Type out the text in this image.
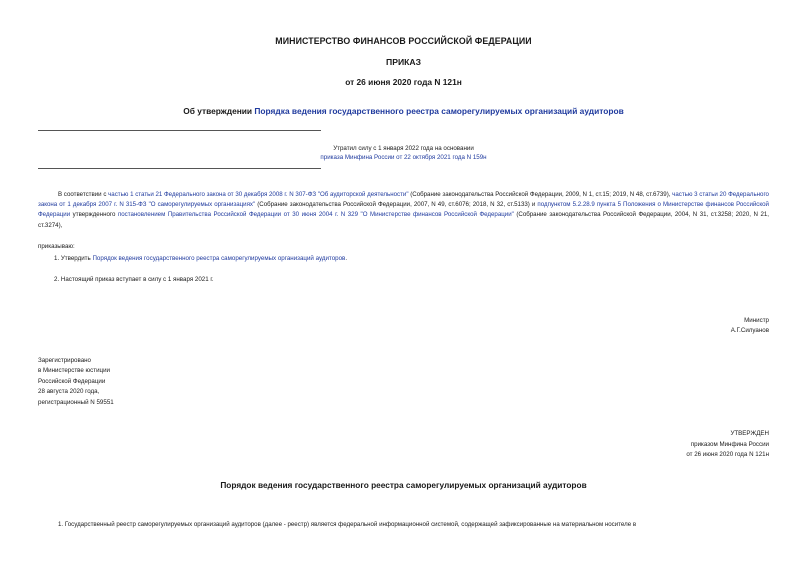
МИНИСТЕРСТВО ФИНАНСОВ РОССИЙСКОЙ ФЕДЕРАЦИИ
ПРИКАЗ
от 26 июня 2020 года N 121н
Об утверждении Порядка ведения государственного реестра саморегулируемых организаций аудиторов
Утратил силу с 1 января 2022 года на основании
приказа Минфина России от 22 октября 2021 года N 159н
В соответствии с частью 1 статьи 21 Федерального закона от 30 декабря 2008 г. N 307-ФЗ "Об аудиторской деятельности" (Собрание законодательства Российской Федерации, 2009, N 1, ст.15; 2019, N 48, ст.6739), частью 3 статьи 20 Федерального закона от 1 декабря 2007 г. N 315-ФЗ "О саморегулируемых организациях" (Собрание законодательства Российской Федерации, 2007, N 49, ст.6076; 2018, N 32, ст.5133) и подпунктом 5.2.28.9 пункта 5 Положения о Министерстве финансов Российской Федерации утвержденного постановлением Правительства Российской Федерации от 30 июня 2004 г. N 329 "О Министерстве финансов Российской Федерации" (Собрание законодательства Российской Федерации, 2004, N 31, ст.3258; 2020, N 21, ст.3274),
приказываю:
1. Утвердить Порядок ведения государственного реестра саморегулируемых организаций аудиторов.
2. Настоящий приказ вступает в силу с 1 января 2021 г.
Министр
А.Г.Силуанов
Зарегистрировано
в Министерстве юстиции
Российской Федерации
28 августа 2020 года,
регистрационный N 59551
УТВЕРЖДЕН
приказом Минфина России
от 26 июня 2020 года N 121н
Порядок ведения государственного реестра саморегулируемых организаций аудиторов
1. Государственный реестр саморегулируемых организаций аудиторов (далее - реестр) является федеральной информационной системой, содержащей зафиксированные на материальном носителе в
